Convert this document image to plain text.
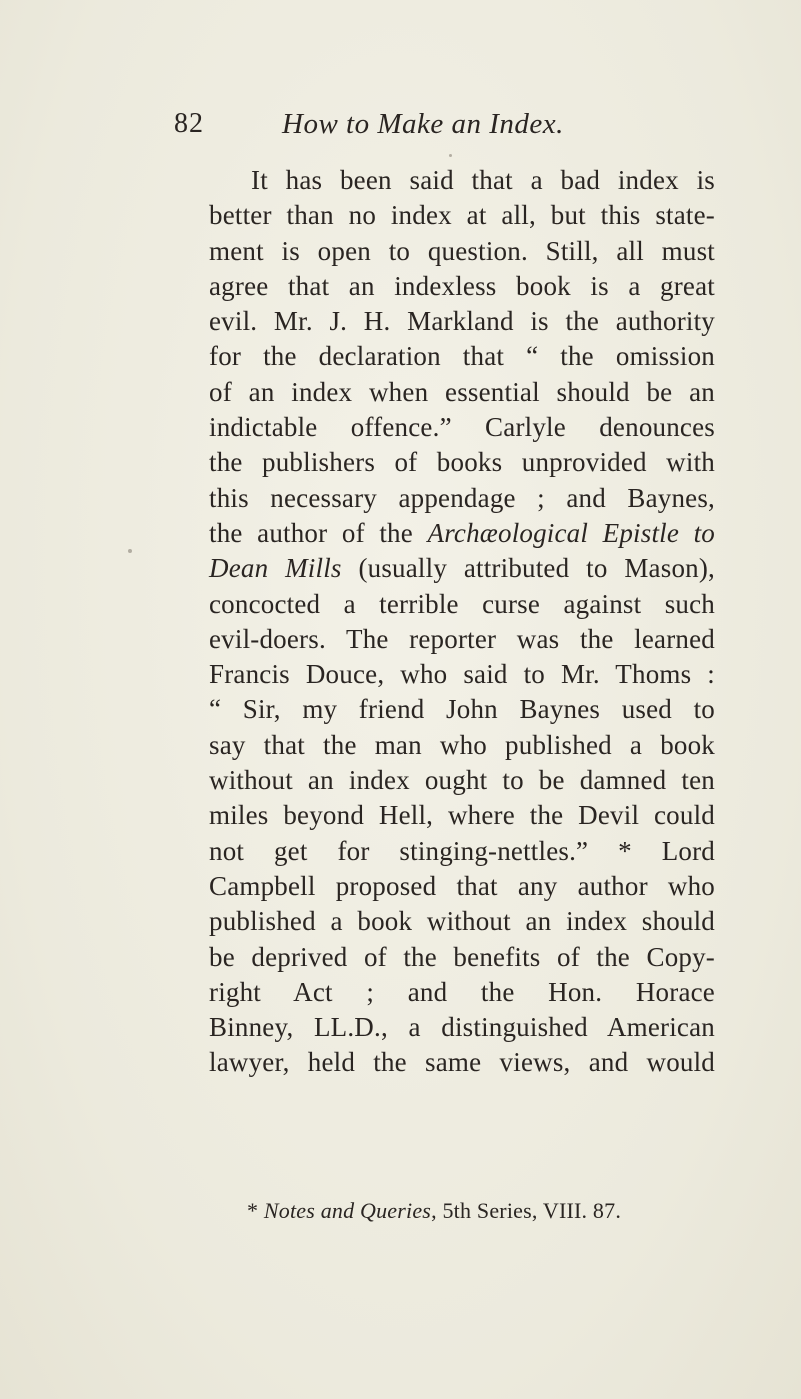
82	How to Make an Index.
It has been said that a bad index is
better than no index at all, but this state-
ment is open to question. Still, all must
agree that an indexless book is a great
evil. Mr. J. H. Markland is the authority
for the declaration that “ the omission
of an index when essential should be an
indictable offence.” Carlyle denounces
the publishers of books unprovided with
this necessary appendage ; and Baynes,
the author of the Archæological Epistle to
Dean Mills (usually attributed to Mason),
concocted a terrible curse against such
evil-doers. The reporter was the learned
Francis Douce, who said to Mr. Thoms :
“ Sir, my friend John Baynes used to
say that the man who published a book
without an index ought to be damned ten
miles beyond Hell, where the Devil could
not get for stinging-nettles.” * Lord
Campbell proposed that any author who
published a book without an index should
be deprived of the benefits of the Copy-
right Act ; and the Hon. Horace
Binney, LL.D., a distinguished American
lawyer, held the same views, and would
* Notes and Queries, 5th Series, VIII. 87.
